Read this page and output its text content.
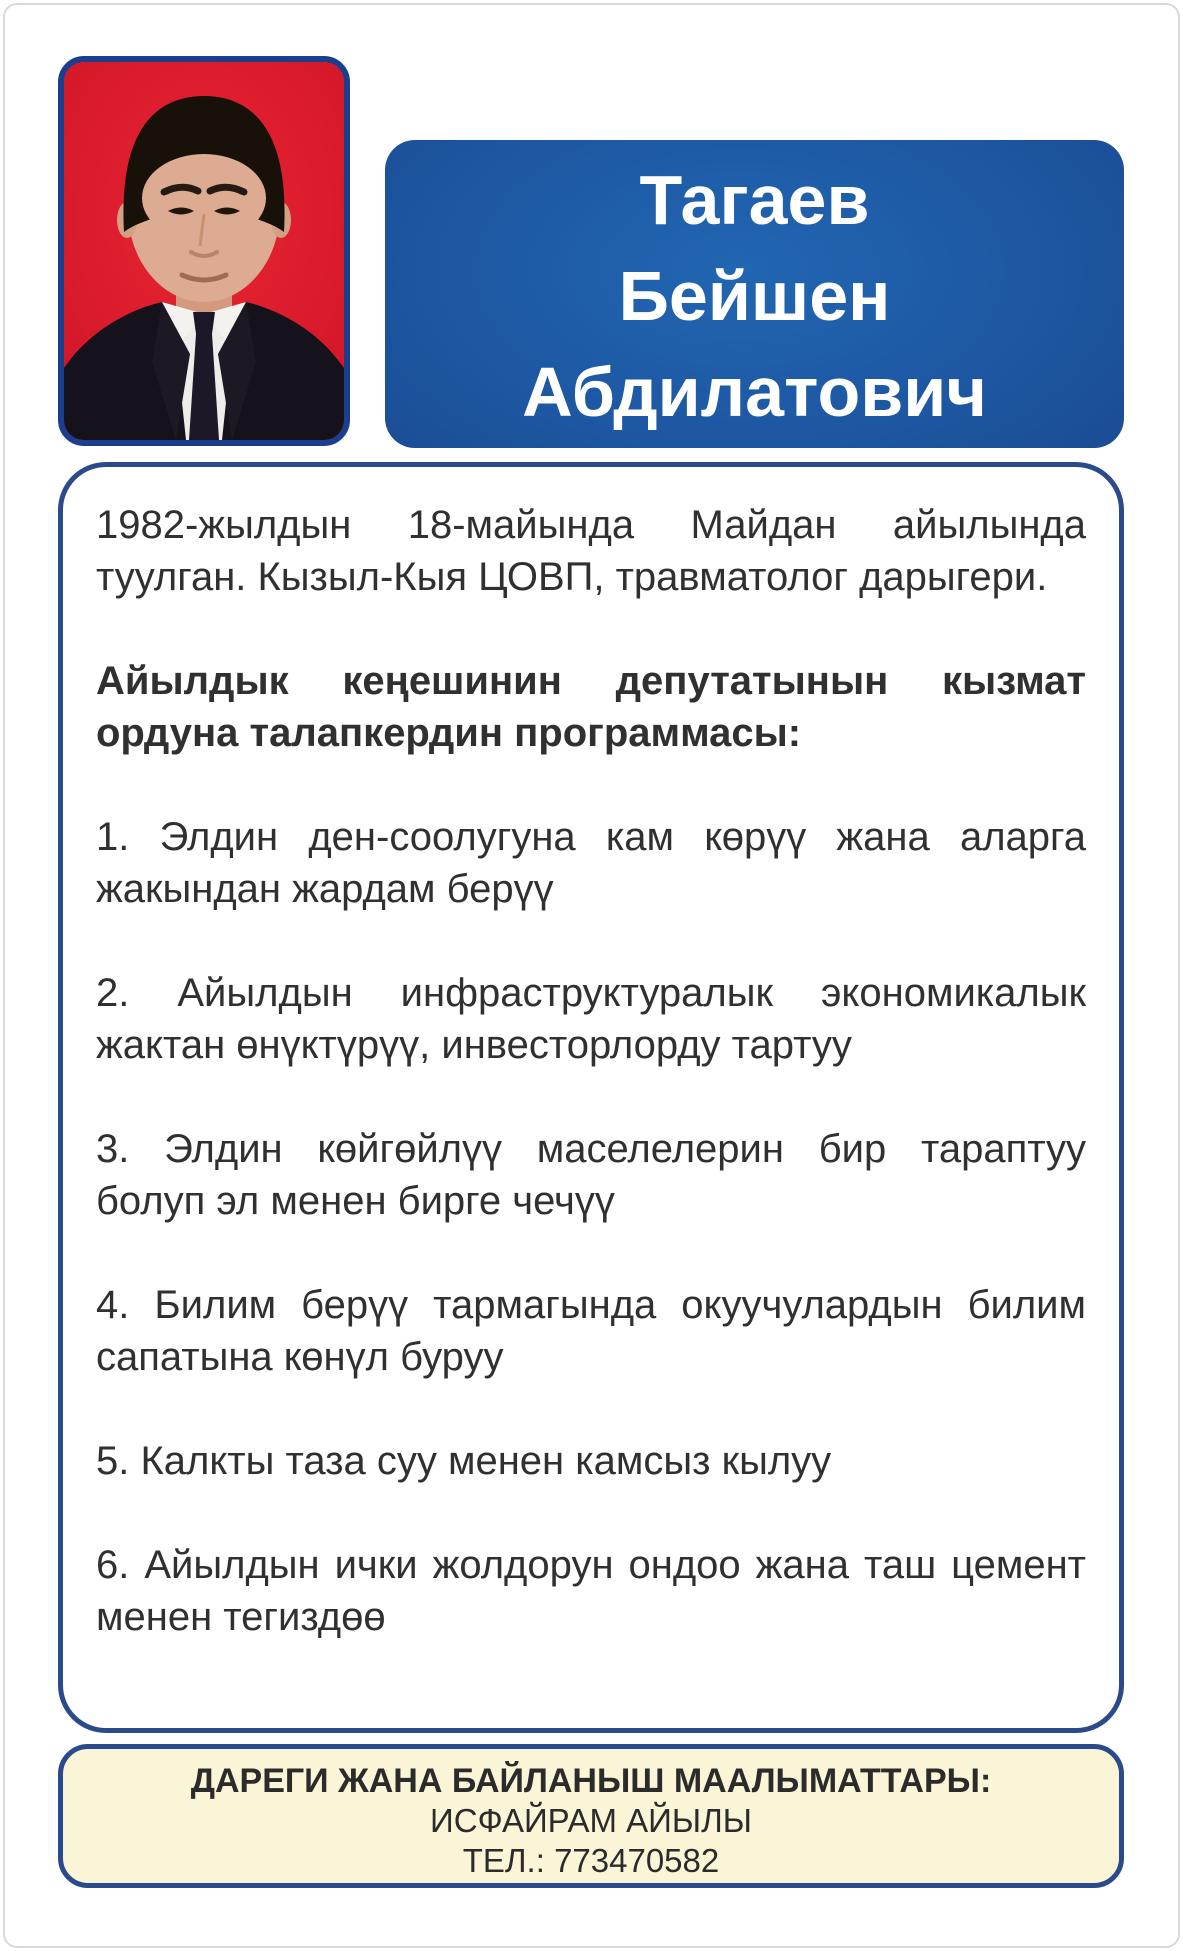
Тагаев
Бейшен
Абдилатович

1982-жылдын 18-майында Майдан айылында туулган. Кызыл-Кыя ЦОВП, травматолог дарыгери.

Айылдык кеңешинин депутатынын кызмат ордуна талапкердин программасы:

1. Элдин ден-соолугуна кам көрүү жана аларга жакындан жардам берүү

2. Айылдын инфраструктуралык экономикалык жактан өнүктүрүү, инвесторлорду тартуу

3. Элдин көйгөйлүү маселелерин бир тараптуу болуп эл менен бирге чечүү

4. Билим берүү тармагында окуучулардын билим сапатына көнүл буруу

5. Калкты таза суу менен камсыз кылуу

6. Айылдын ички жолдорун ондоо жана таш цемент менен тегиздөө

ДАРЕГИ ЖАНА БАЙЛАНЫШ МААЛЫМАТТАРЫ:
ИСФАЙРАМ АЙЫЛЫ
ТЕЛ.: 773470582
